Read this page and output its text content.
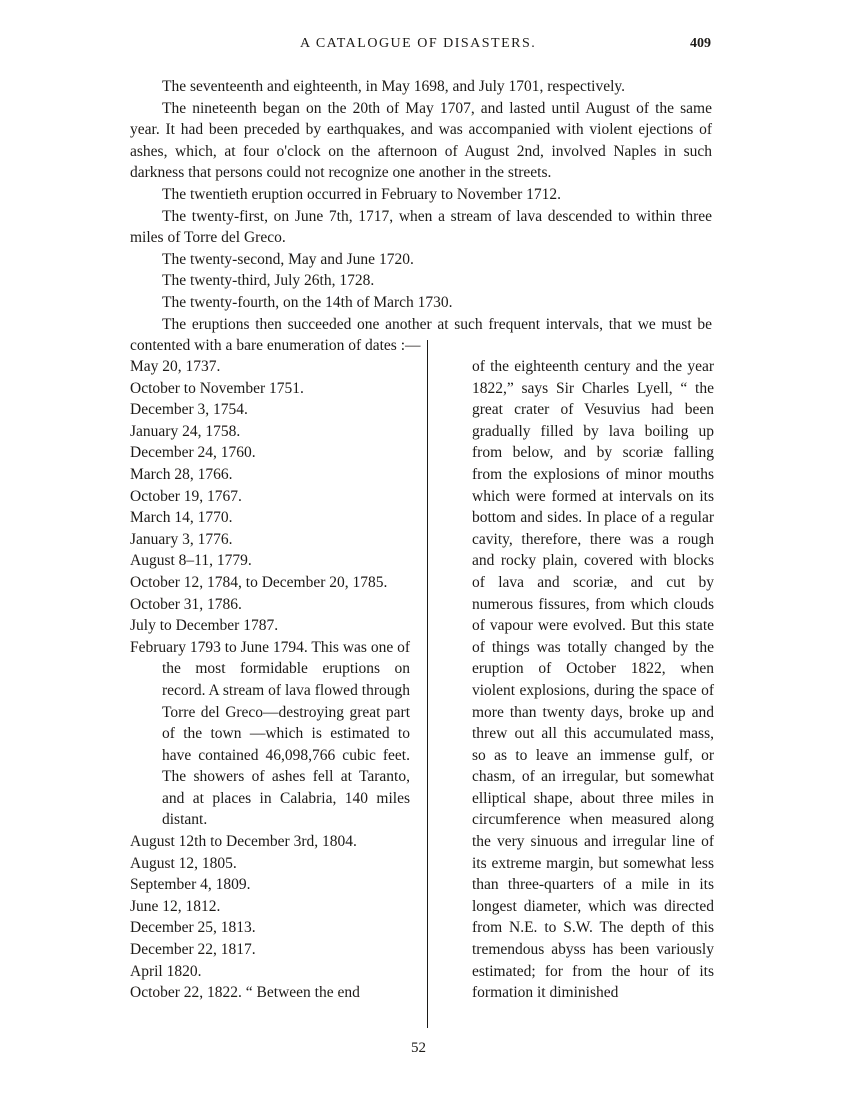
A CATALOGUE OF DISASTERS.	409

The seventeenth and eighteenth, in May 1698, and July 1701, respectively.

The nineteenth began on the 20th of May 1707, and lasted until August of the same year. It had been preceded by earthquakes, and was accompanied with violent ejections of ashes, which, at four o'clock on the afternoon of August 2nd, involved Naples in such darkness that persons could not recognize one another in the streets.

The twentieth eruption occurred in February to November 1712.

The twenty-first, on June 7th, 1717, when a stream of lava descended to within three miles of Torre del Greco.

The twenty-second, May and June 1720.

The twenty-third, July 26th, 1728.

The twenty-fourth, on the 14th of March 1730.

The eruptions then succeeded one another at such frequent intervals, that we must be contented with a bare enumeration of dates :—

May 20, 1737.

October to November 1751.

December 3, 1754.

January 24, 1758.

December 24, 1760.

March 28, 1766.

October 19, 1767.

March 14, 1770.

January 3, 1776.

August 8–11, 1779.

October 12, 1784, to December 20, 1785.

October 31, 1786.

July to December 1787.

February 1793 to June 1794. This was one of the most formidable eruptions on record. A stream of lava flowed through Torre del Greco—destroying great part of the town —which is estimated to have contained 46,098,766 cubic feet. The showers of ashes fell at Taranto, and at places in Calabria, 140 miles distant.

August 12th to December 3rd, 1804.

August 12, 1805.

September 4, 1809.

June 12, 1812.

December 25, 1813.

December 22, 1817.

April 1820.

October 22, 1822. “ Between the end

of the eighteenth century and the year 1822,” says Sir Charles Lyell, “ the great crater of Vesuvius had been gradually filled by lava boiling up from below, and by scoriæ falling from the explosions of minor mouths which were formed at intervals on its bottom and sides. In place of a regular cavity, therefore, there was a rough and rocky plain, covered with blocks of lava and scoriæ, and cut by numerous fissures, from which clouds of vapour were evolved. But this state of things was totally changed by the eruption of October 1822, when violent explosions, during the space of more than twenty days, broke up and threw out all this accumulated mass, so as to leave an immense gulf, or chasm, of an irregular, but somewhat elliptical shape, about three miles in circumference when measured along the very sinuous and irregular line of its extreme margin, but somewhat less than three-quarters of a mile in its longest diameter, which was directed from N.E. to S.W. The depth of this tremendous abyss has been variously estimated; for from the hour of its formation it diminished

52
